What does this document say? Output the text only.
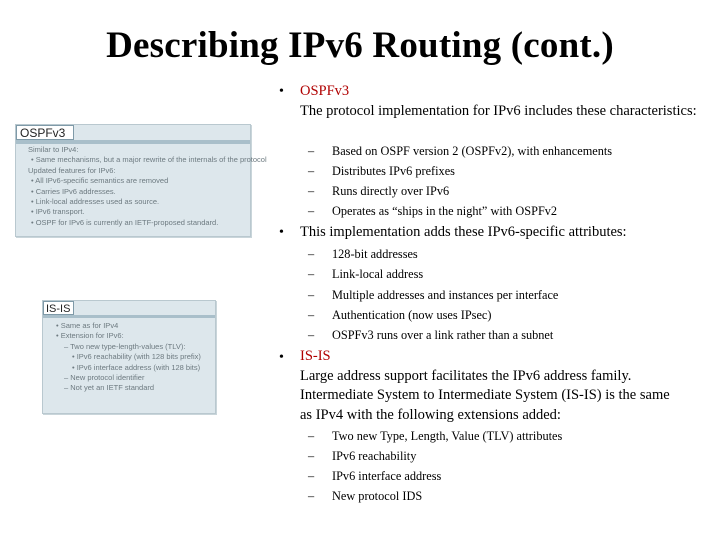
Describing IPv6 Routing (cont.)
OSPFv3
Similar to IPv4:
• Same mechanisms, but a major rewrite of the internals of the protocol
Updated features for IPv6:
• All IPv6-specific semantics are removed
• Carries IPv6 addresses.
• Link-local addresses used as source.
• IPv6 transport.
• OSPF for IPv6 is currently an IETF-proposed standard.
IS-IS
• Same as for IPv4
• Extension for IPv6:
– Two new type-length-values (TLV):
• IPv6 reachability (with 128 bits prefix)
• IPv6 interface address (with 128 bits)
– New protocol identifier
– Not yet an IETF standard
• OSPFv3
The protocol implementation for IPv6 includes these characteristics:
– Based on OSPF version 2 (OSPFv2), with enhancements
– Distributes IPv6 prefixes
– Runs directly over IPv6
– Operates as “ships in the night” with OSPFv2
• This implementation adds these IPv6-specific attributes:
– 128-bit addresses
– Link-local address
– Multiple addresses and instances per interface
– Authentication (now uses IPsec)
– OSPFv3 runs over a link rather than a subnet
• IS-IS
Large address support facilitates the IPv6 address family. Intermediate System to Intermediate System (IS-IS) is the same as IPv4 with the following extensions added:
– Two new Type, Length, Value (TLV) attributes
– IPv6 reachability
– IPv6 interface address
– New protocol IDS
